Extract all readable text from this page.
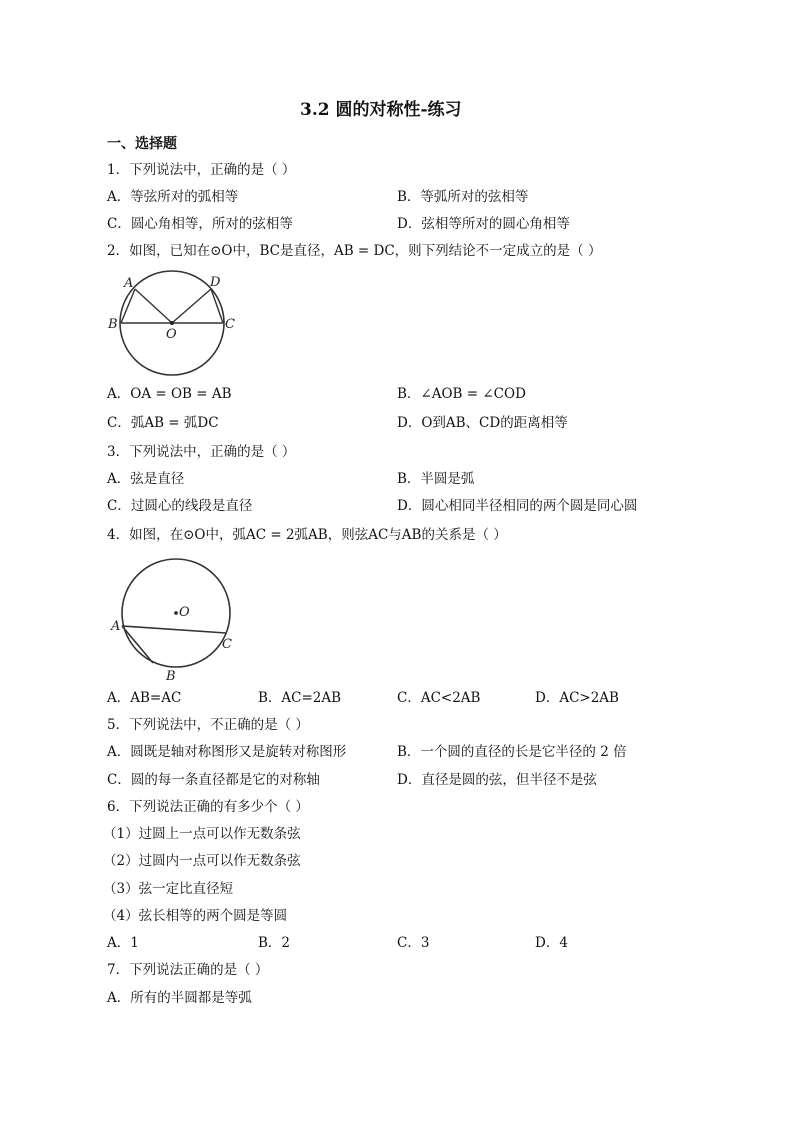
3.2 圆的对称性-练习
一、选择题
1．下列说法中，正确的是（ ）
A．等弦所对的弧相等	B．等弧所对的弦相等
C．圆心角相等，所对的弦相等	D．弦相等所对的圆心角相等
2．如图，已知在⊙O中，BC是直径，AB = DC，则下列结论不一定成立的是（ ）
A	D
B	C
O
A．OA = OB = AB	B．∠AOB = ∠COD
C．弧AB = 弧DC	D．O到AB、CD的距离相等
3．下列说法中，正确的是（ ）
A．弦是直径	B．半圆是弧
C．过圆心的线段是直径	D．圆心相同半径相同的两个圆是同心圆
4．如图，在⊙O中，弧AC = 2弧AB，则弦AC与AB的关系是（ ）
O
A
C
B
A．AB=AC	B．AC=2AB	C．AC<2AB	D．AC>2AB
5．下列说法中，不正确的是（ ）
A．圆既是轴对称图形又是旋转对称图形	B．一个圆的直径的长是它半径的 2 倍
C．圆的每一条直径都是它的对称轴	D．直径是圆的弦，但半径不是弦
6．下列说法正确的有多少个（ ）
（1）过圆上一点可以作无数条弦
（2）过圆内一点可以作无数条弦
（3）弦一定比直径短
（4）弦长相等的两个圆是等圆
A．1	B．2	C．3	D．4
7．下列说法正确的是（ ）
A．所有的半圆都是等弧
